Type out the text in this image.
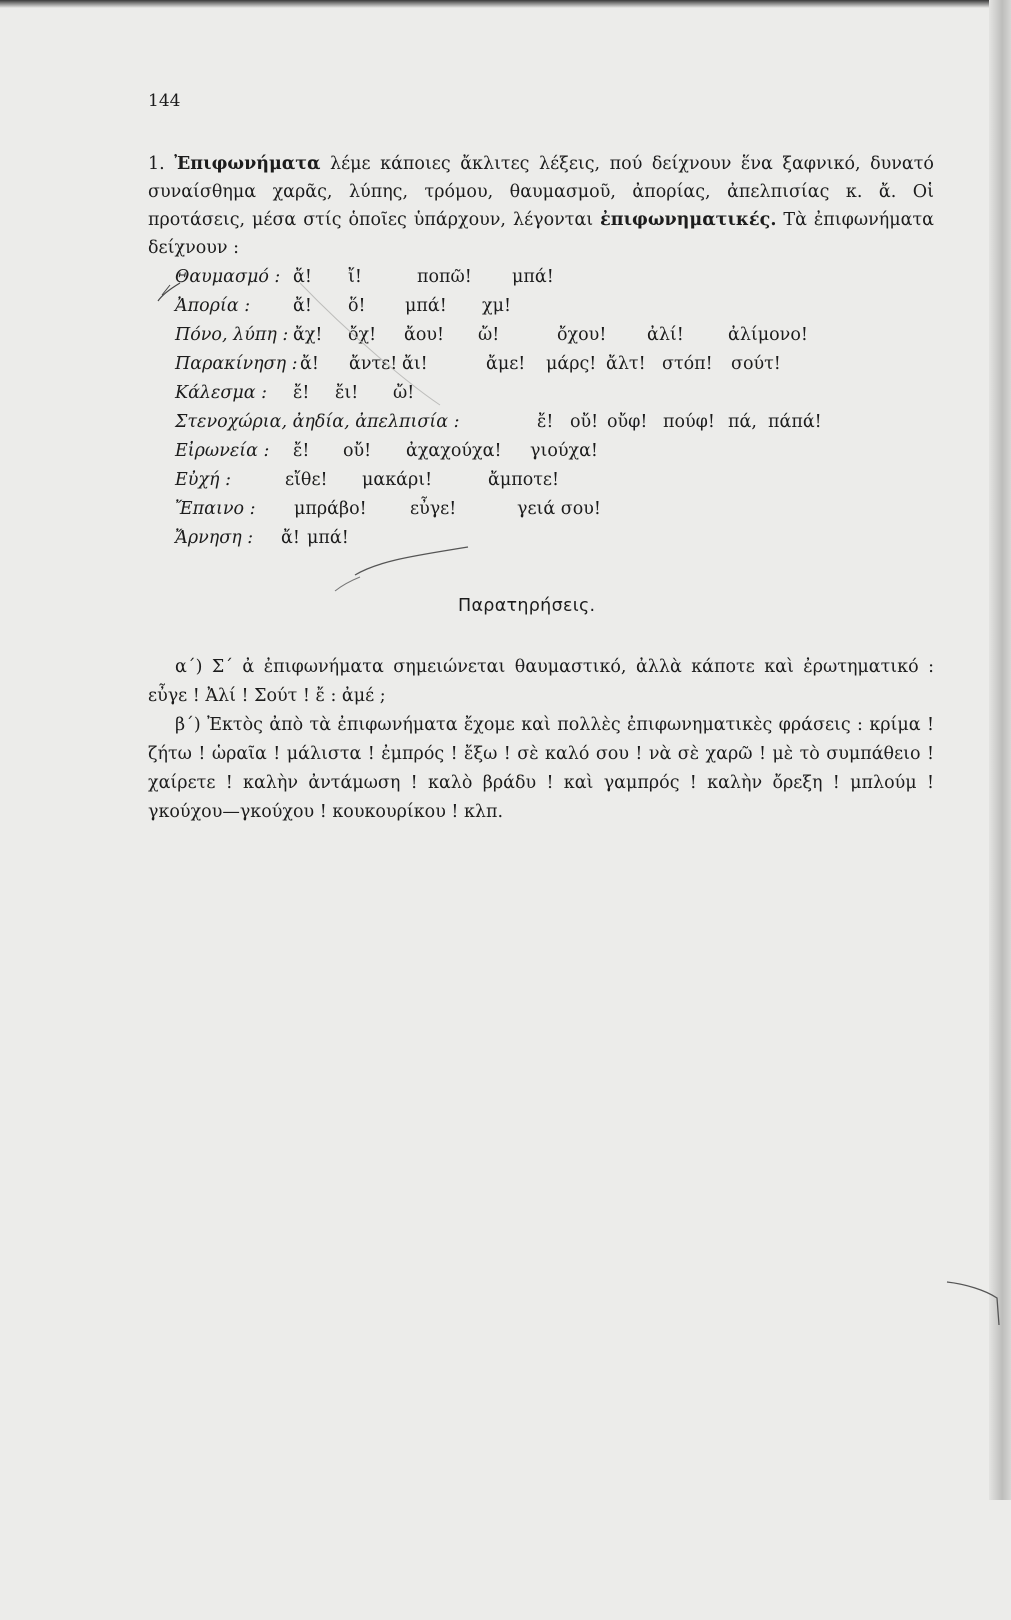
144

1. Ἐπιφωνήματα λέμε κάποιες ἄκλιτες λέξεις, πού δείχνουν ἕνα ξαφνικό, δυνατό συναίσθημα χαρᾶς, λύπης, τρόμου, θαυμασμοῦ, ἀπορίας, ἀπελπισίας κ. ἄ. Οἱ προτάσεις, μέσα στίς ὁποῖες ὑπάρχουν, λέγονται ἐπιφωνηματικές. Τὰ ἐπιφωνήματα δείχνουν :

Θαυμασμό : ἄ!	ἴ!	ποπῶ!	μπά!
Ἀπορία :	ἄ!	ὅ!	μπά!	χμ!
Πόνο, λύπη : ἄχ!	ὄχ!	ἄου!	ὤ!	ὄχου!	ἀλί!	ἀλίμονο!
Παρακίνηση : ἄ!	ἄντε! ἄι!	ἄμε!	μάρς! ἄλτ! στόπ!	σούτ!
Κάλεσμα :	ἔ!	ἔι!	ὤ!
Στενοχώρια, ἀηδία, ἀπελπισία :	ἔ! οὔ! οὔφ! πούφ! πά, πάπά!
Εἰρωνεία :	ἔ!	οὔ!	ἀχαχούχα!	γιούχα!
Εὐχή :	εἴθε!	μακάρι!	ἄμποτε!
Ἔπαινο :	μπράβο!	εὖγε!	γειά σου!
Ἄρνηση :	ἄ! μπά!
Παρατηρήσεις.

α΄) Σ΄ ἀ ἐπιφωνήματα σημειώνεται θαυμαστικό, ἀλλὰ κάποτε καὶ ἐρωτηματικό : εὖγε ! Ἀλί ! Σούτ ! ἔ : ἀμέ ;

β΄) Ἐκτὸς ἀπὸ τὰ ἐπιφωνήματα ἔχομε καὶ πολλὲς ἐπιφωνηματικὲς φράσεις : κρίμα ! ζήτω ! ὡραῖα ! μάλιστα ! ἐμπρός ! ἔξω ! σὲ καλό σου ! νὰ σὲ χαρῶ ! μὲ τὸ συμπάθειο ! χαίρετε ! καλὴν ἀντάμωση ! καλὸ βράδυ ! καὶ γαμπρός ! καλὴν ὄρεξη ! μπλούμ ! γκούχου—γκούχου ! κουκουρίκου ! κλπ.
